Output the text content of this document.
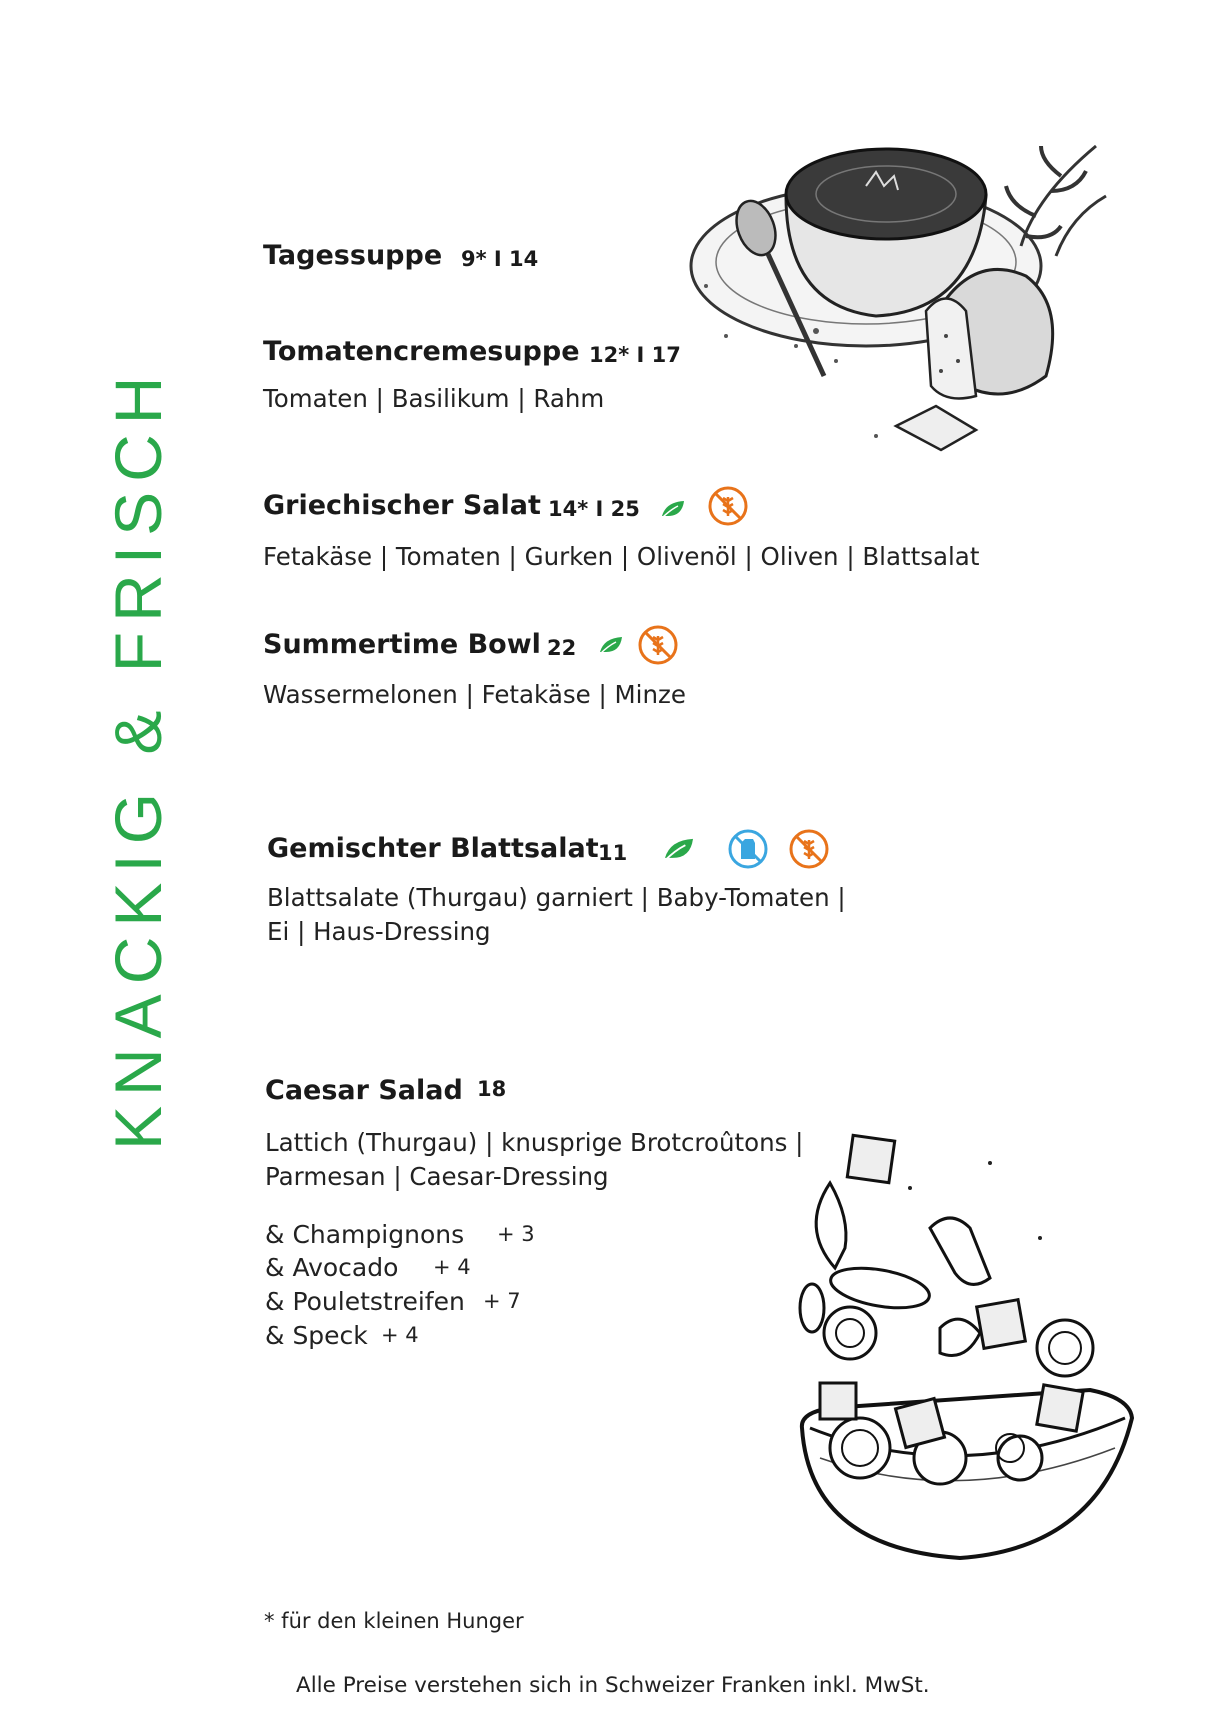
KNACKIG & FRISCH
Tagessuppe 9* I 14
Tomatencremesuppe 12* I 17
Tomaten | Basilikum | Rahm
Griechischer Salat 14* I 25
Fetakäse | Tomaten | Gurken | Olivenöl | Oliven | Blattsalat
Summertime Bowl 22
Wassermelonen | Fetakäse | Minze
Gemischter Blattsalat 11
Blattsalate (Thurgau) garniert | Baby-Tomaten |
Ei | Haus-Dressing
Caesar Salad 18
Lattich (Thurgau) | knusprige Brotcroûtons |
Parmesan | Caesar-Dressing
& Champignons + 3
& Avocado + 4
& Pouletstreifen + 7
& Speck + 4
* für den kleinen Hunger
Alle Preise verstehen sich in Schweizer Franken inkl. MwSt.
